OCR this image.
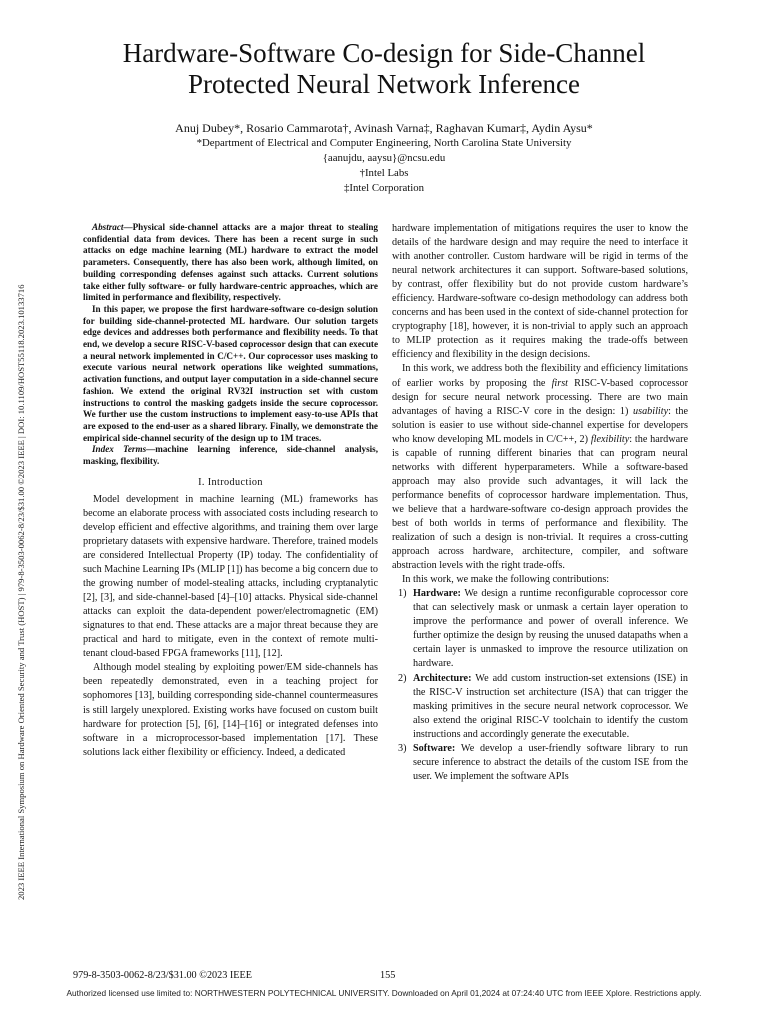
2023 IEEE International Symposium on Hardware Oriented Security and Trust (HOST) | 979-8-3503-0062-8/23/$31.00 ©2023 IEEE | DOI: 10.1109/HOST55118.2023.10133716
Hardware-Software Co-design for Side-Channel
Protected Neural Network Inference
Anuj Dubey*, Rosario Cammarota†, Avinash Varna‡, Raghavan Kumar‡, Aydin Aysu*
*Department of Electrical and Computer Engineering, North Carolina State University
{aanujdu, aaysu}@ncsu.edu
†Intel Labs
‡Intel Corporation

Abstract—Physical side-channel attacks are a major threat to stealing confidential data from devices. There has been a recent surge in such attacks on edge machine learning (ML) hardware to extract the model parameters. Consequently, there has also been work, although limited, on building corresponding defenses against such attacks. Current solutions take either fully software- or fully hardware-centric approaches, which are limited in performance and flexibility, respectively.

In this paper, we propose the first hardware-software co-design solution for building side-channel-protected ML hardware. Our solution targets edge devices and addresses both performance and flexibility needs. To that end, we develop a secure RISC-V-based coprocessor design that can execute a neural network implemented in C/C++. Our coprocessor uses masking to execute various neural network operations like weighted summations, activation functions, and output layer computation in a side-channel secure fashion. We extend the original RV32I instruction set with custom instructions to control the masking gadgets inside the secure coprocessor. We further use the custom instructions to implement easy-to-use APIs that are exposed to the end-user as a shared library. Finally, we demonstrate the empirical side-channel security of the design up to 1M traces.

Index Terms—machine learning inference, side-channel analysis, masking, flexibility.

I. Introduction

Model development in machine learning (ML) frameworks has become an elaborate process with associated costs including research to develop efficient and effective algorithms, and training them over large proprietary datasets with expensive hardware. Therefore, trained models are considered Intellectual Property (IP) today. The confidentiality of such Machine Learning IPs (MLIP [1]) has become a big concern due to the growing number of model-stealing attacks, including cryptanalytic [2], [3], and side-channel-based [4]–[10] attacks. Physical side-channel attacks can exploit the data-dependent power/electromagnetic (EM) signatures to that end. These attacks are a major threat because they are practical and hard to mitigate, even in the context of remote multi-tenant cloud-based FPGA frameworks [11], [12].

Although model stealing by exploiting power/EM side-channels has been repeatedly demonstrated, even in a teaching project for sophomores [13], building corresponding side-channel countermeasures is still largely unexplored. Existing works have focused on custom built hardware for protection [5], [6], [14]–[16] or integrated defenses into software in a microprocessor-based implementation [17]. These solutions lack either flexibility or efficiency. Indeed, a dedicated

hardware implementation of mitigations requires the user to know the details of the hardware design and may require the need to interface it with another controller. Custom hardware will be rigid in terms of the neural network architectures it can support. Software-based solutions, by contrast, offer flexibility but do not provide custom hardware’s efficiency. Hardware-software co-design methodology can address both concerns and has been used in the context of side-channel protection for cryptography [18], however, it is non-trivial to apply such an approach to MLIP protection as it requires making the trade-offs between efficiency and flexibility in the design decisions.

In this work, we address both the flexibility and efficiency limitations of earlier works by proposing the first RISC-V-based coprocessor design for secure neural network processing. There are two main advantages of having a RISC-V core in the design: 1) usability: the solution is easier to use without side-channel expertise for developers who know developing ML models in C/C++, 2) flexibility: the hardware is capable of running different binaries that can program neural networks with different hyperparameters. While a software-based approach may also provide such advantages, it will lack the performance benefits of coprocessor hardware implementation. Thus, we believe that a hardware-software co-design approach provides the best of both worlds in terms of performance and flexibility. The realization of such a design is non-trivial. It requires a cross-cutting approach across hardware, architecture, compiler, and software abstraction levels with the right trade-offs.

In this work, we make the following contributions:

1) Hardware: We design a runtime reconfigurable coprocessor core that can selectively mask or unmask a certain layer operation to improve the performance and power of overall inference. We further optimize the design by reusing the unused datapaths when a certain layer is unmasked to improve the resource utilization on hardware.
2) Architecture: We add custom instruction-set extensions (ISE) in the RISC-V instruction set architecture (ISA) that can trigger the masking primitives in the secure neural network coprocessor. We also extend the original RISC-V toolchain to identify the custom instructions and accordingly generate the executable.
3) Software: We develop a user-friendly software library to run secure inference to abstract the details of the custom ISE from the user. We implement the software APIs
979-8-3503-0062-8/23/$31.00 ©2023 IEEE	155
Authorized licensed use limited to: NORTHWESTERN POLYTECHNICAL UNIVERSITY. Downloaded on April 01,2024 at 07:24:40 UTC from IEEE Xplore. Restrictions apply.
